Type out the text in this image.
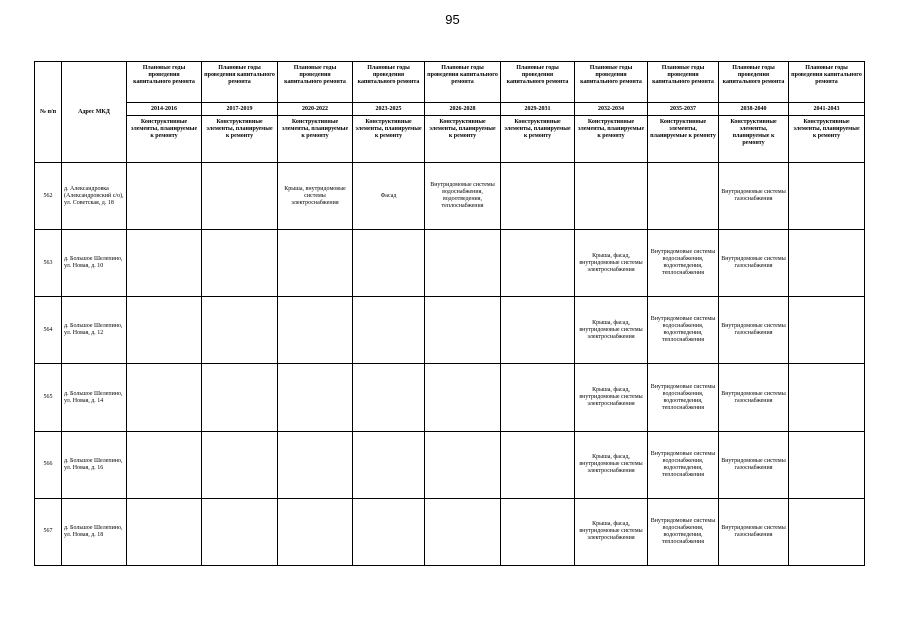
95
№ п/п	Адрес МКД	Плановые годы проведения капитального ремонта	Плановые годы проведения капитального ремонта	Плановые годы проведения капитального ремонта	Плановые годы проведения капитального ремонта	Плановые годы проведения капитального ремонта	Плановые годы проведения капитального ремонта	Плановые годы проведения капитального ремонта	Плановые годы проведения капитального ремонта	Плановые годы проведения капитального ремонта	Плановые годы проведения капитального ремонта
		2014-2016	2017-2019	2020-2022	2023-2025	2026-2028	2029-2031	2032-2034	2035-2037	2038-2040	2041-2043
		Конструктивные элементы, планируемые к ремонту	Конструктивные элементы, планируемые к ремонту	Конструктивные элементы, планируемые к ремонту	Конструктивные элементы, планируемые к ремонту	Конструктивные элементы, планируемые к ремонту	Конструктивные элементы, планируемые к ремонту	Конструктивные элементы, планируемые к ремонту	Конструктивные элементы, планируемые к ремонту	Конструктивные элементы, планируемые к ремонту	Конструктивные элементы, планируемые к ремонту
562	д. Александровка (Александровский с/о), ул. Советская, д. 18			Крыша, внутридомовые системы электроснабжения	Фасад	Внутридомовые системы водоснабжения, водоотведения, теплоснабжения				Внутридомовые системы газоснабжения	
563	д. Большое Шелепино, ул. Новая, д. 10							Крыша, фасад, внутридомовые системы электроснабжения	Внутридомовые системы водоснабжения, водоотведения, теплоснабжения	Внутридомовые системы газоснабжения	
564	д. Большое Шелепино, ул. Новая, д. 12							Крыша, фасад, внутридомовые системы электроснабжения	Внутридомовые системы водоснабжения, водоотведения, теплоснабжения	Внутридомовые системы газоснабжения	
565	д. Большое Шелепино, ул. Новая, д. 14							Крыша, фасад, внутридомовые системы электроснабжения	Внутридомовые системы водоснабжения, водоотведения, теплоснабжения	Внутридомовые системы газоснабжения	
566	д. Большое Шелепино, ул. Новая, д. 16							Крыша, фасад, внутридомовые системы электроснабжения	Внутридомовые системы водоснабжения, водоотведения, теплоснабжения	Внутридомовые системы газоснабжения	
567	д. Большое Шелепино, ул. Новая, д. 18							Крыша, фасад, внутридомовые системы электроснабжения	Внутридомовые системы водоснабжения, водоотведения, теплоснабжения	Внутридомовые системы газоснабжения	
